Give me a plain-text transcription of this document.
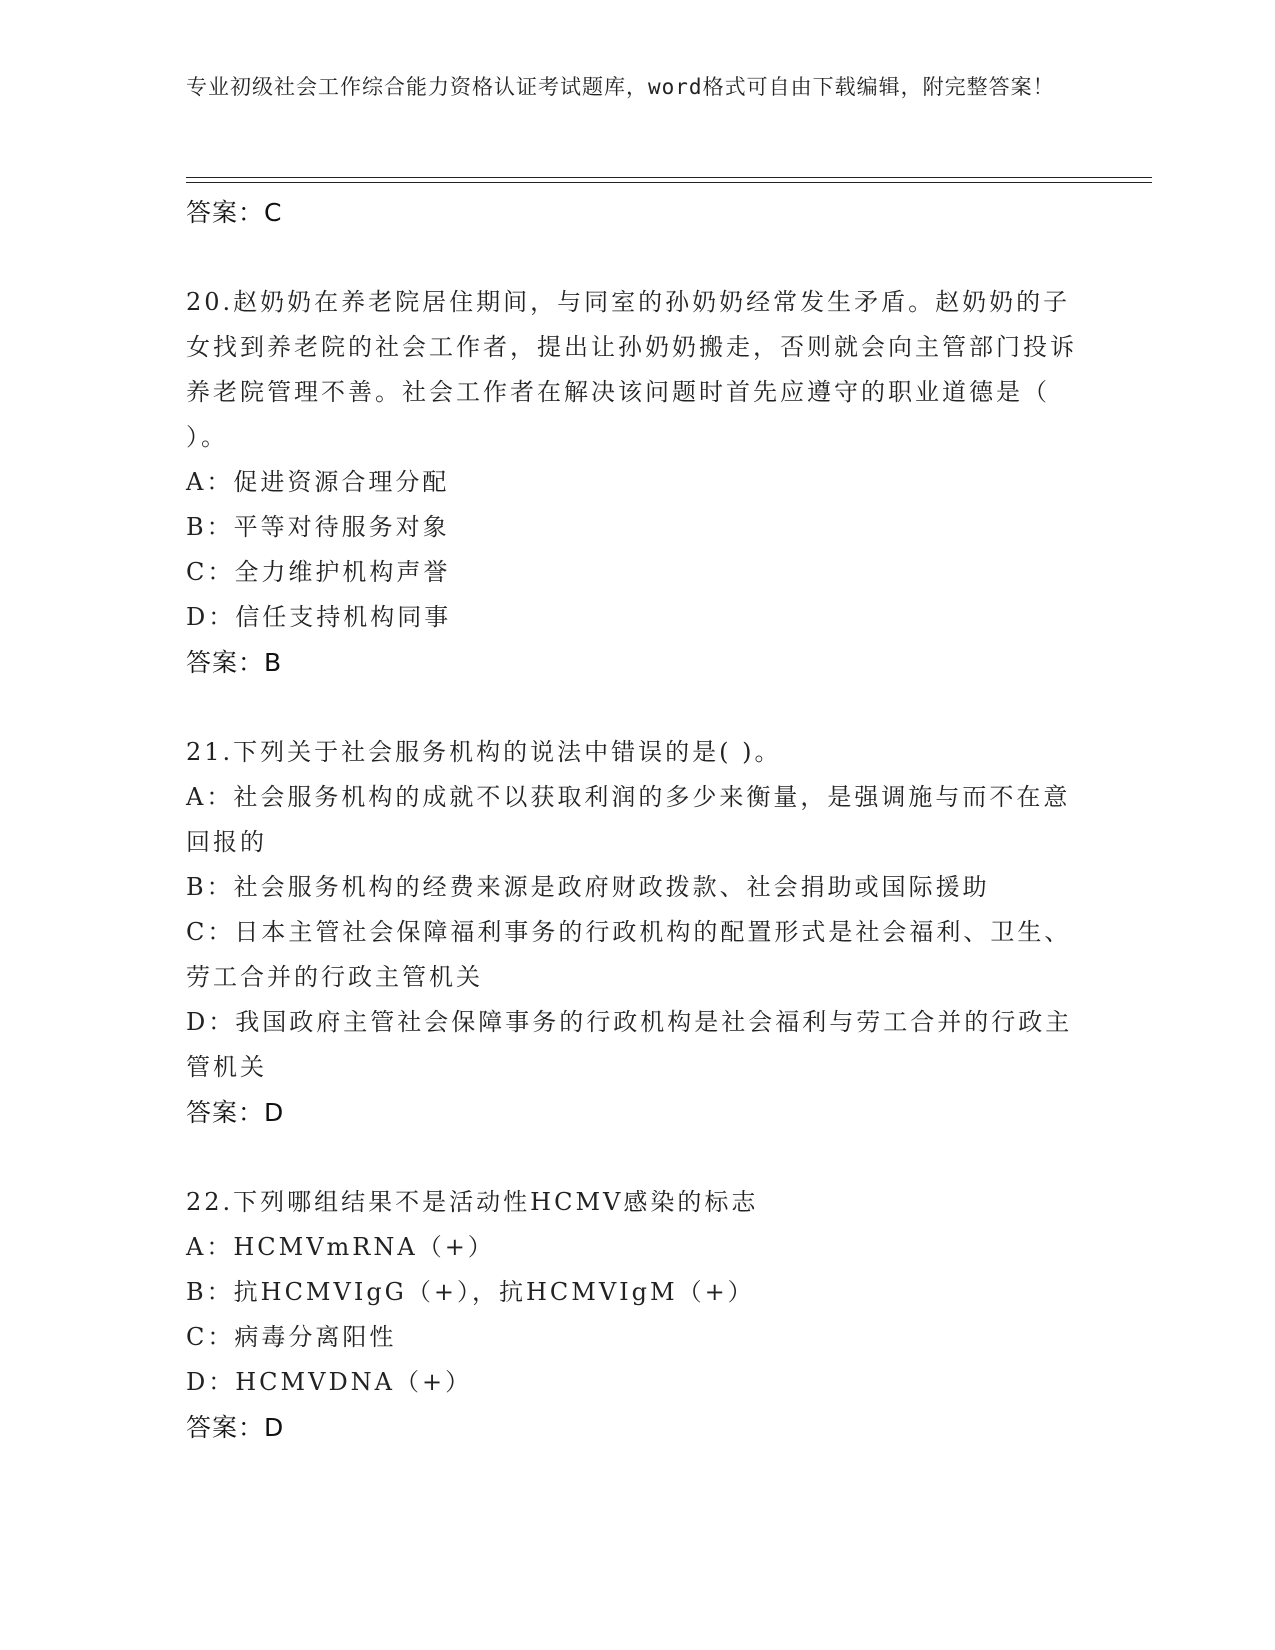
专业初级社会工作综合能力资格认证考试题库，word格式可自由下载编辑，附完整答案！
答案：C
20.赵奶奶在养老院居住期间，与同室的孙奶奶经常发生矛盾。赵奶奶的子女找到养老院的社会工作者，提出让孙奶奶搬走，否则就会向主管部门投诉养老院管理不善。社会工作者在解决该问题时首先应遵守的职业道德是（ ）。
A：促进资源合理分配
B：平等对待服务对象
C：全力维护机构声誉
D：信任支持机构同事
答案：B
21.下列关于社会服务机构的说法中错误的是( )。
A：社会服务机构的成就不以获取利润的多少来衡量，是强调施与而不在意回报的
B：社会服务机构的经费来源是政府财政拨款、社会捐助或国际援助
C：日本主管社会保障福利事务的行政机构的配置形式是社会福利、卫生、劳工合并的行政主管机关
D：我国政府主管社会保障事务的行政机构是社会福利与劳工合并的行政主管机关
答案：D
22.下列哪组结果不是活动性HCMV感染的标志
A：HCMVmRNA（+）
B：抗HCMVIgG（+），抗HCMVIgM（+）
C：病毒分离阳性
D：HCMVDNA（+）
答案：D
